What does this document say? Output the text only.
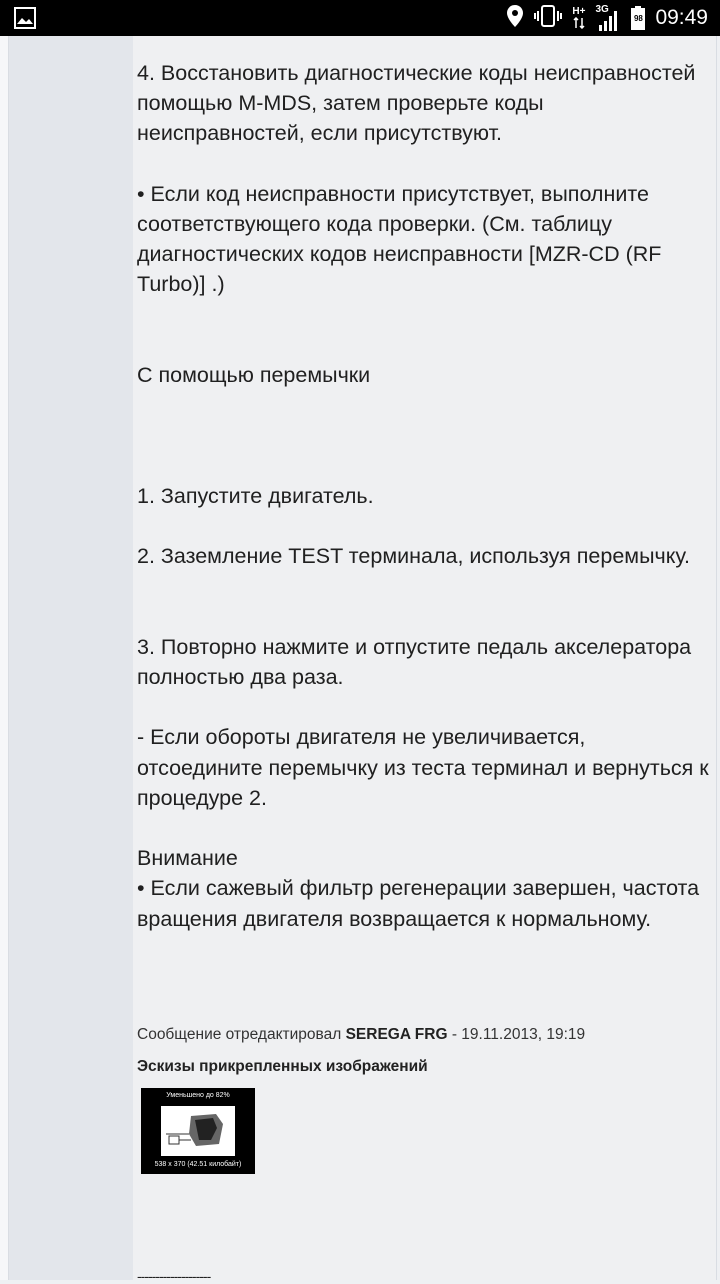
H+ 3G
98 09:49
4. Восстановить диагностические коды неисправностей помощью M-MDS, затем проверьте коды неисправностей, если присутствуют.

• Если код неисправности присутствует, выполните соответствующего кода проверки. (См. таблицу диагностических кодов неисправности [MZR-CD (RF Turbo)] .)

С помощью перемычки

1. Запустите двигатель.

2. Заземление TEST терминала, используя перемычку.

3. Повторно нажмите и отпустите педаль акселератора полностью два раза.

- Если обороты двигателя не увеличивается, отсоедините перемычку из теста терминал и вернуться к процедуре 2.

Внимание
• Если сажевый фильтр регенерации завершен, частота вращения двигателя возвращается к нормальному.
Сообщение отредактировал SEREGA FRG - 19.11.2013, 19:19
Эскизы прикрепленных изображений
Уменьшено до 82%
538 x 370 (42.51 килобайт)
--------------------
